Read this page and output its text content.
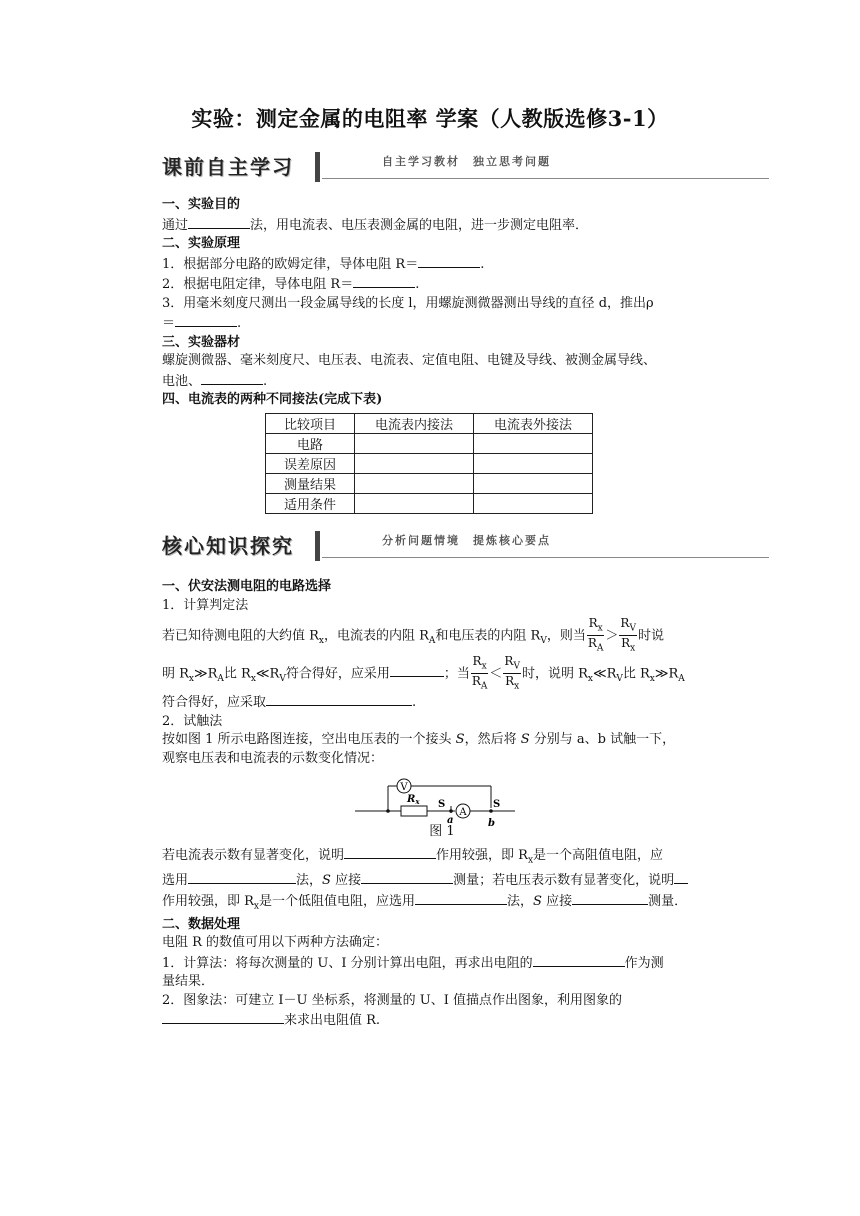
实验：测定金属的电阻率 学案（人教版选修3-1）
课前自主学习	自主学习教材　独立思考问题
一、实验目的
通过	法，用电流表、电压表测金属的电阻，进一步测定电阻率．
二、实验原理
1．根据部分电路的欧姆定律，导体电阻 R＝	.
2．根据电阻定律，导体电阻 R＝	.
3．用毫米刻度尺测出一段金属导线的长度 l，用螺旋测微器测出导线的直径 d，推出ρ
＝	.
三、实验器材
螺旋测微器、毫米刻度尺、电压表、电流表、定值电阻、电键及导线、被测金属导线、
电池、	.
四、电流表的两种不同接法(完成下表)
比较项目	电流表内接法	电流表外接法
电路		
误差原因		
测量结果		
适用条件		
核心知识探究	分析问题情境　提炼核心要点
一、伏安法测电阻的电路选择
1．计算判定法
若已知待测电阻的大约值 $R_x$，电流表的内阻 $R_A$和电压表的内阻 $R_V$，则当 $\frac{R_x}{R_A} > \frac{R_V}{R_x}$ 时说
明 $R_x≫R_A$比 $R_x≪R_V$符合得好，应采用	；当 $\frac{R_x}{R_A} < \frac{R_V}{R_x}$ 时，说明 $R_x≪R_V$比 $R_x≫R_A$
符合得好，应采取	.
2．试触法
按如图 1 所示电路图连接，空出电压表的一个接头 S，然后将 S 分别与 a、b 试触一下，
观察电压表和电流表的示数变化情况：
V
A
$R_x$ S	S
a	b
图 1
若电流表示数有显著变化，说明	作用较强，即 $R_x$是一个高阻值电阻，应
选用	法，S 应接	测量；若电压表示数有显著变化，说明
作用较强，即 $R_x$是一个低阻值电阻，应选用	法，S 应接	测量．
二、数据处理
电阻 R 的数值可用以下两种方法确定：
1．计算法：将每次测量的 U、I 分别计算出电阻，再求出电阻的	作为测
量结果．
2．图象法：可建立 I－U 坐标系，将测量的 U、I 值描点作出图象，利用图象的
来求出电阻值 R.
